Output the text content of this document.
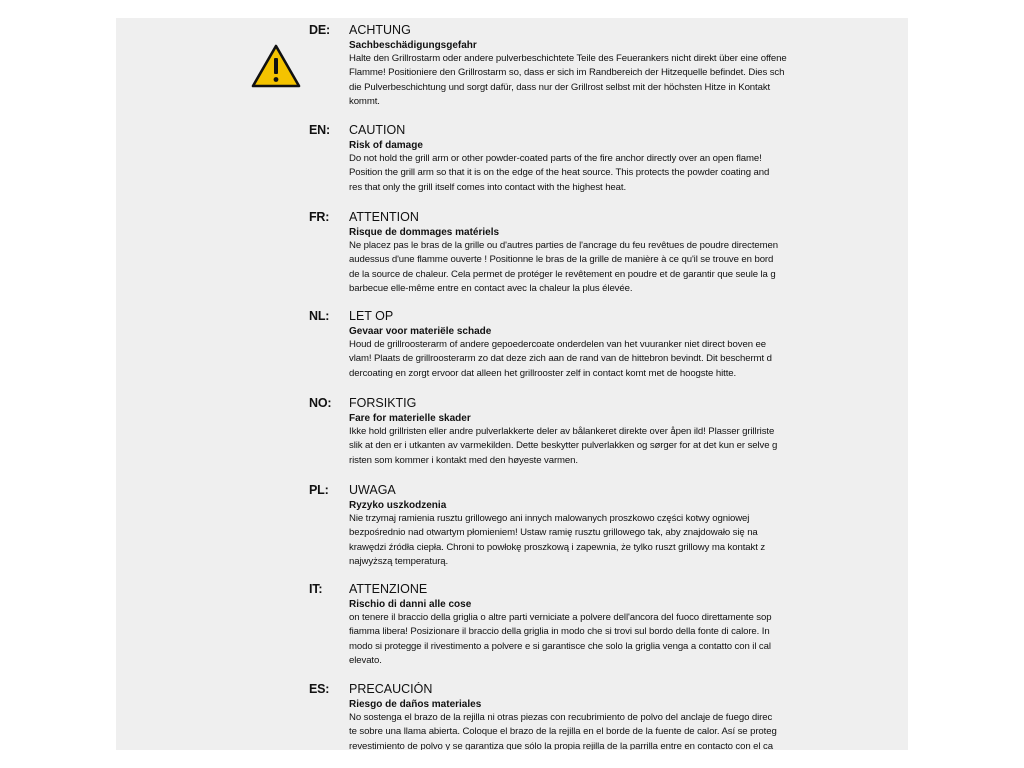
DE: ACHTUNG
Sachbeschädigungsgefahr
Halte den Grillrostarm oder andere pulverbeschichtete Teile des Feuerankers nicht direkt über eine offene
Flamme! Positioniere den Grillrostarm so, dass er sich im Randbereich der Hitzequelle befindet. Dies sch
die Pulverbeschichtung und sorgt dafür, dass nur der Grillrost selbst mit der höchsten Hitze in Kontakt
kommt.
EN: CAUTION
Risk of damage
Do not hold the grill arm or other powder-coated parts of the fire anchor directly over an open flame!
Position the grill arm so that it is on the edge of the heat source. This protects the powder coating and
res that only the grill itself comes into contact with the highest heat.
FR: ATTENTION
Risque de dommages matériels
Ne placez pas le bras de la grille ou d'autres parties de l'ancrage du feu revêtues de poudre directemen
audessus d'une flamme ouverte ! Positionne le bras de la grille de manière à ce qu'il se trouve en bord
de la source de chaleur. Cela permet de protéger le revêtement en poudre et de garantir que seule la g
barbecue elle-même entre en contact avec la chaleur la plus élevée.
NL: LET OP
Gevaar voor materiële schade
Houd de grillroosterarm of andere gepoedercoate onderdelen van het vuuranker niet direct boven ee
vlam! Plaats de grillroosterarm zo dat deze zich aan de rand van de hittebron bevindt. Dit beschermt d
dercoating en zorgt ervoor dat alleen het grillrooster zelf in contact komt met de hoogste hitte.
NO: FORSIKTIG
Fare for materielle skader
Ikke hold grillristen eller andre pulverlakkerte deler av bålankeret direkte over åpen ild! Plasser grillriste
slik at den er i utkanten av varmekilden. Dette beskytter pulverlakken og sørger for at det kun er selve g
risten som kommer i kontakt med den høyeste varmen.
PL: UWAGA
Ryzyko uszkodzenia
Nie trzymaj ramienia rusztu grillowego ani innych malowanych proszkowo części kotwy ogniowej
bezpośrednio nad otwartym płomieniem! Ustaw ramię rusztu grillowego tak, aby znajdowało się na
krawędzi źródła ciepła. Chroni to powłokę proszkową i zapewnia, że tylko ruszt grillowy ma kontakt z
najwyższą temperaturą.
IT: ATTENZIONE
Rischio di danni alle cose
on tenere il braccio della griglia o altre parti verniciate a polvere dell'ancora del fuoco direttamente sop
fiamma libera! Posizionare il braccio della griglia in modo che si trovi sul bordo della fonte di calore. In
modo si protegge il rivestimento a polvere e si garantisce che solo la griglia venga a contatto con il cal
elevato.
ES: PRECAUCIÓN
Riesgo de daños materiales
No sostenga el brazo de la rejilla ni otras piezas con recubrimiento de polvo del anclaje de fuego direc
te sobre una llama abierta. Coloque el brazo de la rejilla en el borde de la fuente de calor. Así se proteg
revestimiento de polvo y se garantiza que sólo la propia rejilla de la parrilla entre en contacto con el ca
